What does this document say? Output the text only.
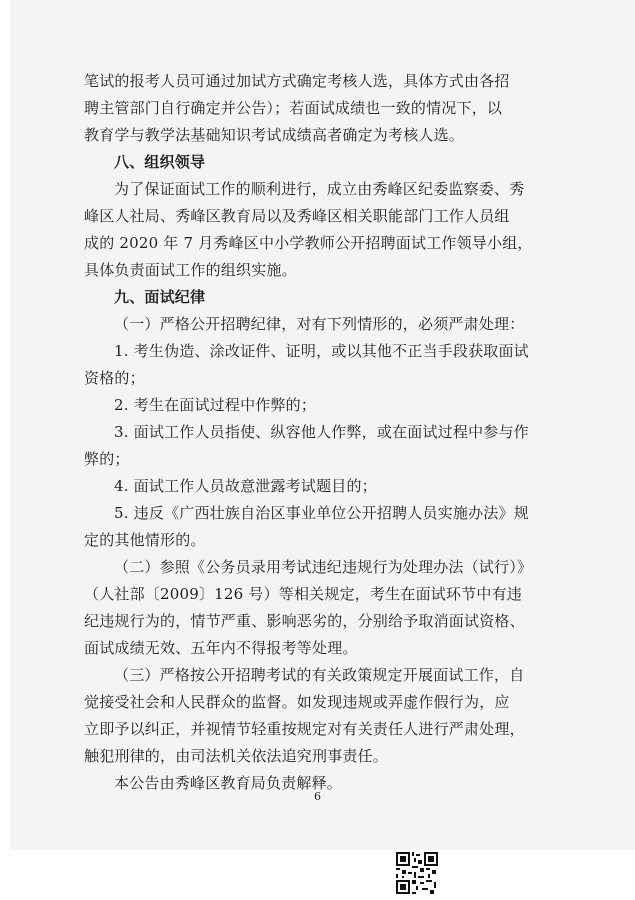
笔试的报考人员可通过加试方式确定考核人选，具体方式由各招
聘主管部门自行确定并公告）；若面试成绩也一致的情况下，以
教育学与教学法基础知识考试成绩高者确定为考核人选。
八、组织领导
为了保证面试工作的顺利进行，成立由秀峰区纪委监察委、秀
峰区人社局、秀峰区教育局以及秀峰区相关职能部门工作人员组
成的 2020 年 7 月秀峰区中小学教师公开招聘面试工作领导小组，
具体负责面试工作的组织实施。
九、面试纪律
（一）严格公开招聘纪律，对有下列情形的，必须严肃处理：
1. 考生伪造、涂改证件、证明，或以其他不正当手段获取面试
资格的；
2. 考生在面试过程中作弊的；
3. 面试工作人员指使、纵容他人作弊，或在面试过程中参与作
弊的；
4. 面试工作人员故意泄露考试题目的；
5. 违反《广西壮族自治区事业单位公开招聘人员实施办法》规
定的其他情形的。
（二）参照《公务员录用考试违纪违规行为处理办法（试行）》
（人社部〔2009〕126 号）等相关规定，考生在面试环节中有违
纪违规行为的，情节严重、影响恶劣的，分别给予取消面试资格、
面试成绩无效、五年内不得报考等处理。
（三）严格按公开招聘考试的有关政策规定开展面试工作，自
觉接受社会和人民群众的监督。如发现违规或弄虚作假行为，应
立即予以纠正，并视情节轻重按规定对有关责任人进行严肃处理，
触犯刑律的，由司法机关依法追究刑事责任。
本公告由秀峰区教育局负责解释。
6
